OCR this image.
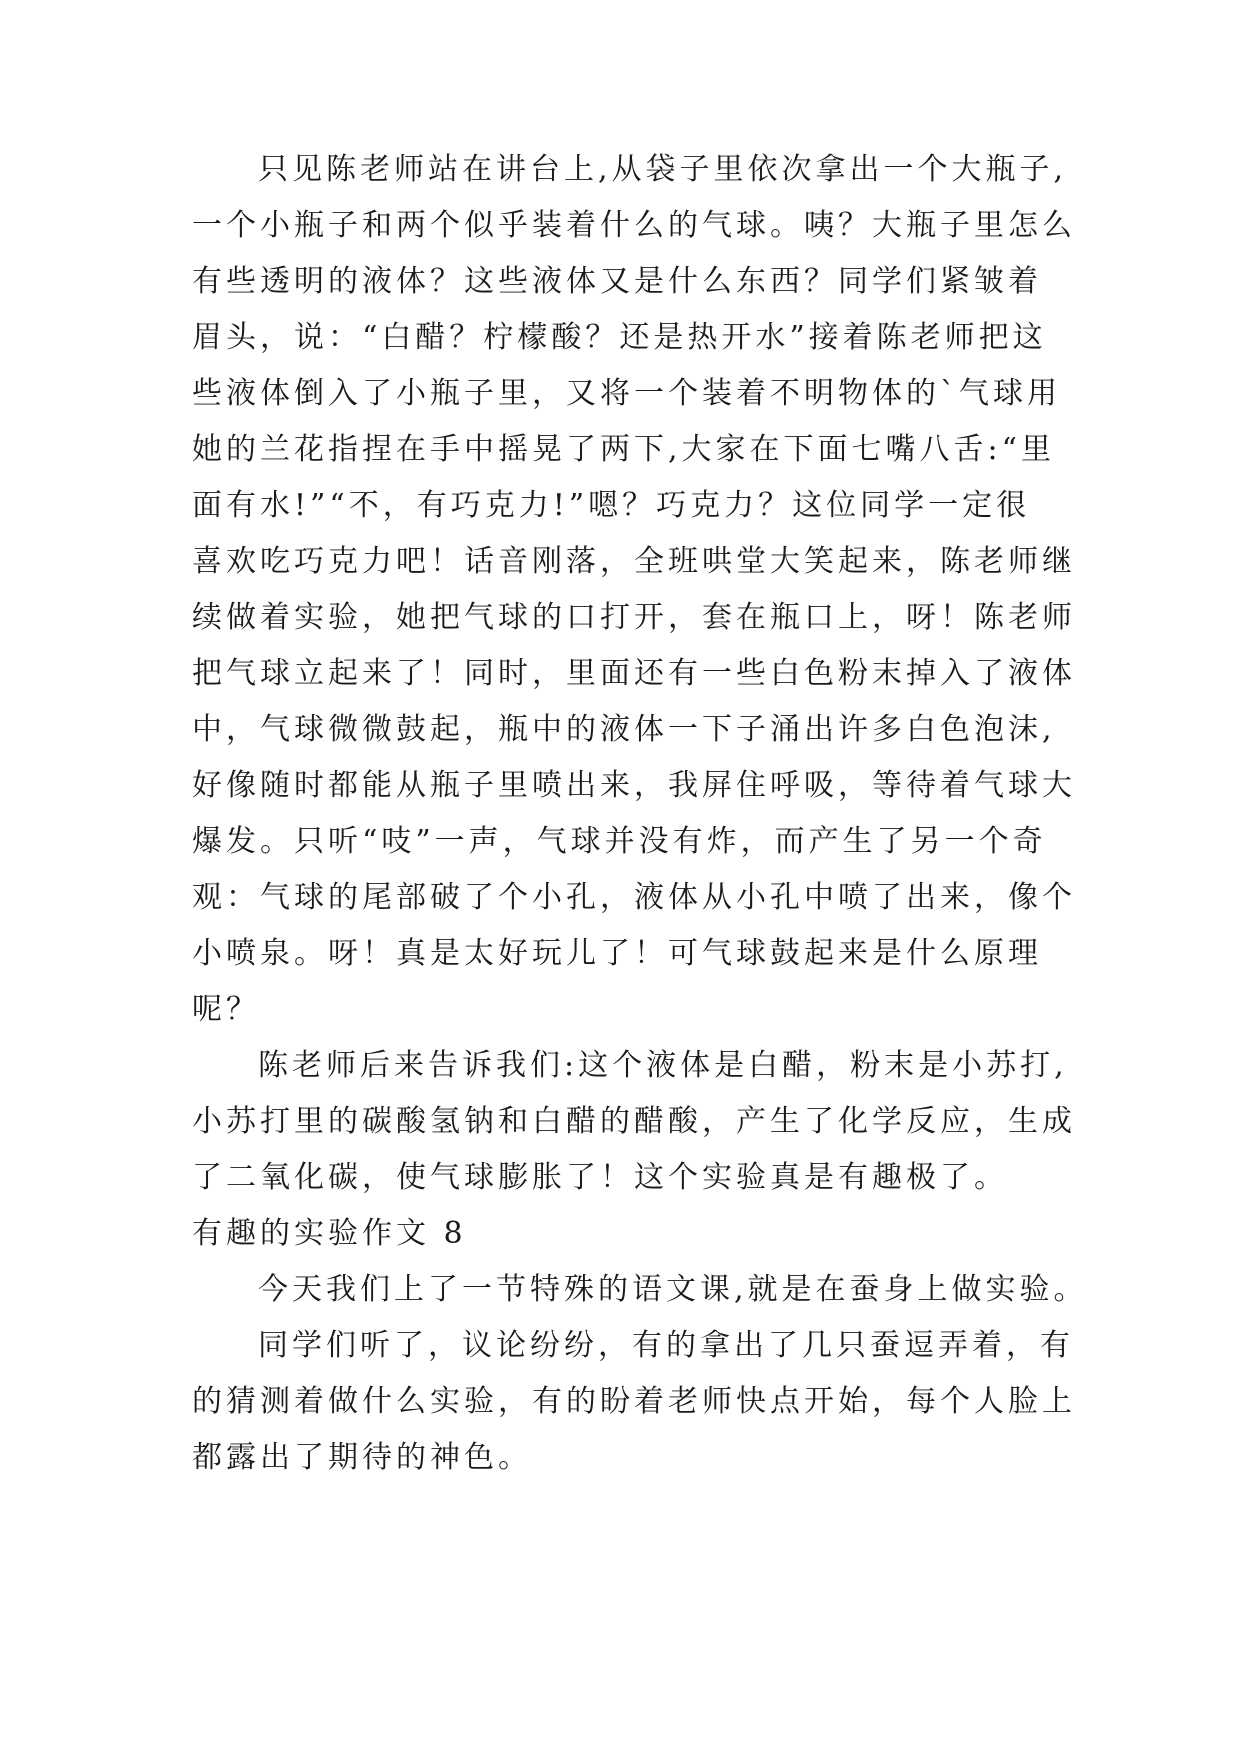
只见陈老师站在讲台上,从袋子里依次拿出一个大瓶子,
一个小瓶子和两个似乎装着什么的气球。咦？大瓶子里怎么
有些透明的液体？这些液体又是什么东西？同学们紧皱着
眉头，说：“白醋？柠檬酸？还是热开水”接着陈老师把这
些液体倒入了小瓶子里，又将一个装着不明物体的`气球用
她的兰花指捏在手中摇晃了两下,大家在下面七嘴八舌:“里
面有水!”“不，有巧克力!”嗯？巧克力？这位同学一定很
喜欢吃巧克力吧！话音刚落，全班哄堂大笑起来，陈老师继
续做着实验，她把气球的口打开，套在瓶口上，呀！陈老师
把气球立起来了！同时，里面还有一些白色粉末掉入了液体
中，气球微微鼓起，瓶中的液体一下子涌出许多白色泡沫,
好像随时都能从瓶子里喷出来，我屏住呼吸，等待着气球大
爆发。只听“吱”一声，气球并没有炸，而产生了另一个奇
观：气球的尾部破了个小孔，液体从小孔中喷了出来，像个
小喷泉。呀！真是太好玩儿了！可气球鼓起来是什么原理
呢？
陈老师后来告诉我们:这个液体是白醋，粉末是小苏打,
小苏打里的碳酸氢钠和白醋的醋酸，产生了化学反应，生成
了二氧化碳，使气球膨胀了！这个实验真是有趣极了。
有趣的实验作文 8
今天我们上了一节特殊的语文课,就是在蚕身上做实验。
同学们听了，议论纷纷，有的拿出了几只蚕逗弄着，有
的猜测着做什么实验，有的盼着老师快点开始，每个人脸上
都露出了期待的神色。
